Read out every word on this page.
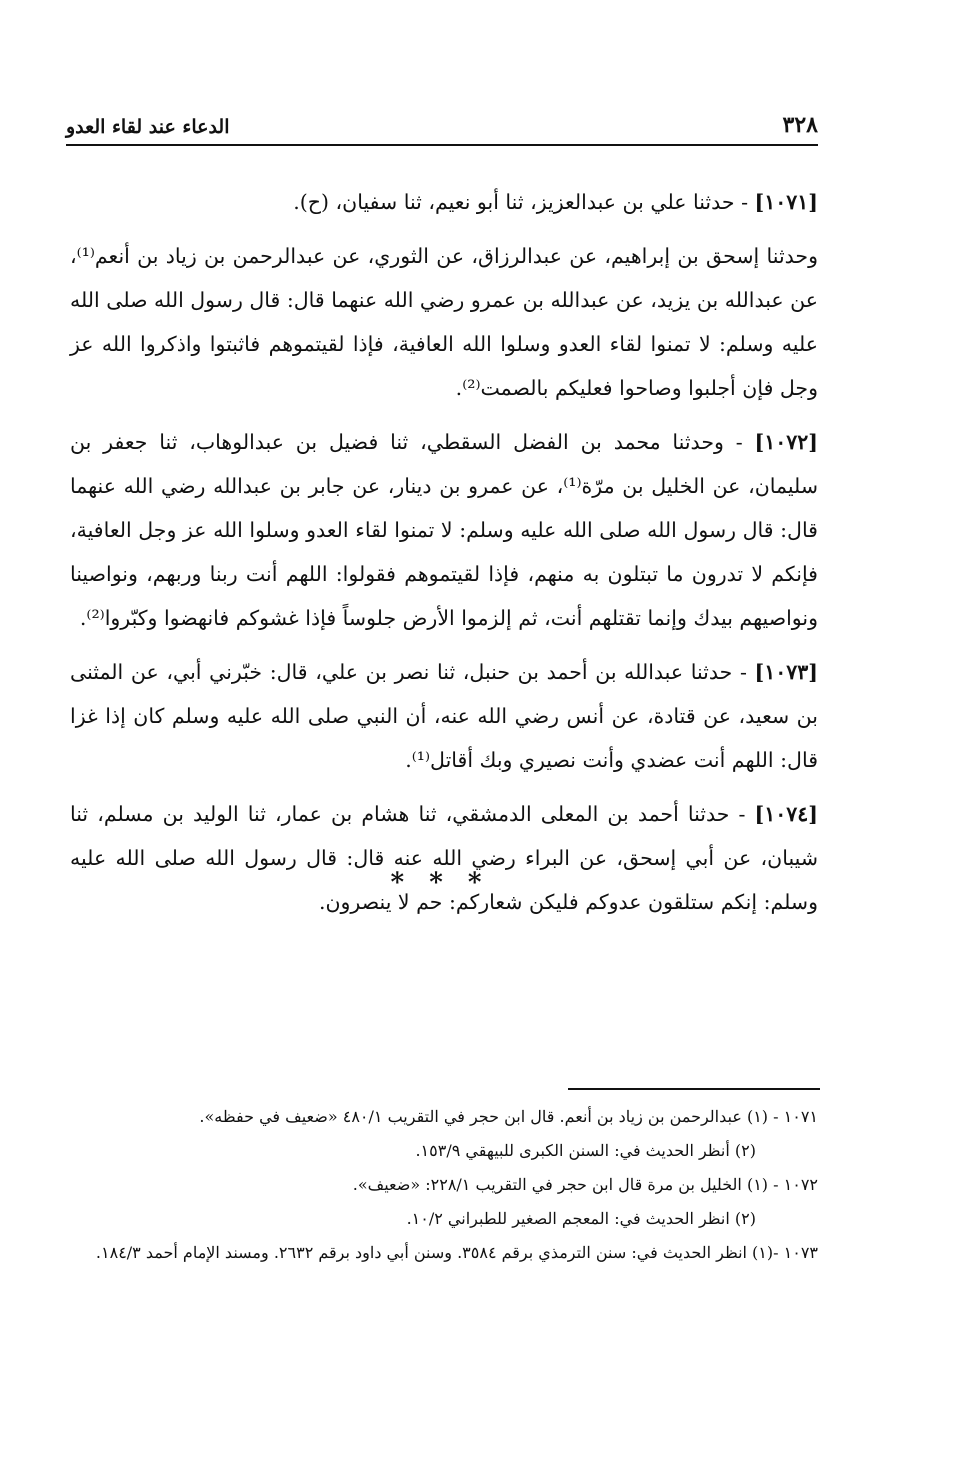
٣٢٨
الدعاء عند لقاء العدو

[١٠٧١] - حدثنا علي بن عبدالعزيز، ثنا أبو نعيم، ثنا سفيان، (ح).

وحدثنا إسحق بن إبراهيم، عن عبدالرزاق، عن الثوري، عن عبدالرحمن بن زياد بن أنعم⁽¹⁾، عن عبدالله بن يزيد، عن عبدالله بن عمرو رضي الله عنهما قال: قال رسول الله صلى الله عليه وسلم: لا تمنوا لقاء العدو وسلوا الله العافية، فإذا لقيتموهم فاثبتوا واذكروا الله عز وجل فإن أجلبوا وصاحوا فعليكم بالصمت⁽²⁾.

[١٠٧٢] - وحدثنا محمد بن الفضل السقطي، ثنا فضيل بن عبدالوهاب، ثنا جعفر بن سليمان، عن الخليل بن مرّة⁽¹⁾، عن عمرو بن دينار، عن جابر بن عبدالله رضي الله عنهما قال: قال رسول الله صلى الله عليه وسلم: لا تمنوا لقاء العدو وسلوا الله عز وجل العافية، فإنكم لا تدرون ما تبتلون به منهم، فإذا لقيتموهم فقولوا: اللهم أنت ربنا وربهم، ونواصينا ونواصيهم بيدك وإنما تقتلهم أنت، ثم إلزموا الأرض جلوساً فإذا غشوكم فانهضوا وكبّروا⁽²⁾.

[١٠٧٣] - حدثنا عبدالله بن أحمد بن حنبل، ثنا نصر بن علي، قال: خبّرني أبي، عن المثنى بن سعيد، عن قتادة، عن أنس رضي الله عنه، أن النبي صلى الله عليه وسلم كان إذا غزا قال: اللهم أنت عضدي وأنت نصيري وبك أقاتل⁽¹⁾.

[١٠٧٤] - حدثنا أحمد بن المعلى الدمشقي، ثنا هشام بن عمار، ثنا الوليد بن مسلم، ثنا شيبان، عن أبي إسحق، عن البراء رضي الله عنه قال: قال رسول الله صلى الله عليه وسلم: إنكم ستلقون عدوكم فليكن شعاركم: حم لا ينصرون.

* * *

١٠٧١ - (١) عبدالرحمن بن زياد بن أنعم. قال ابن حجر في التقريب ٤٨٠/١ «ضعيف في حفظه».

(٢) أنظر الحديث في: السنن الكبرى للبيهقي ١٥٣/٩.

١٠٧٢ - (١) الخليل بن مرة قال ابن حجر في التقريب ٢٢٨/١: «ضعيف».

(٢) انظر الحديث في: المعجم الصغير للطبراني ١٠/٢.

١٠٧٣ -(١) انظر الحديث في: سنن الترمذي برقم ٣٥٨٤. وسنن أبي داود برقم ٢٦٣٢. ومسند الإمام أحمد ١٨٤/٣.
